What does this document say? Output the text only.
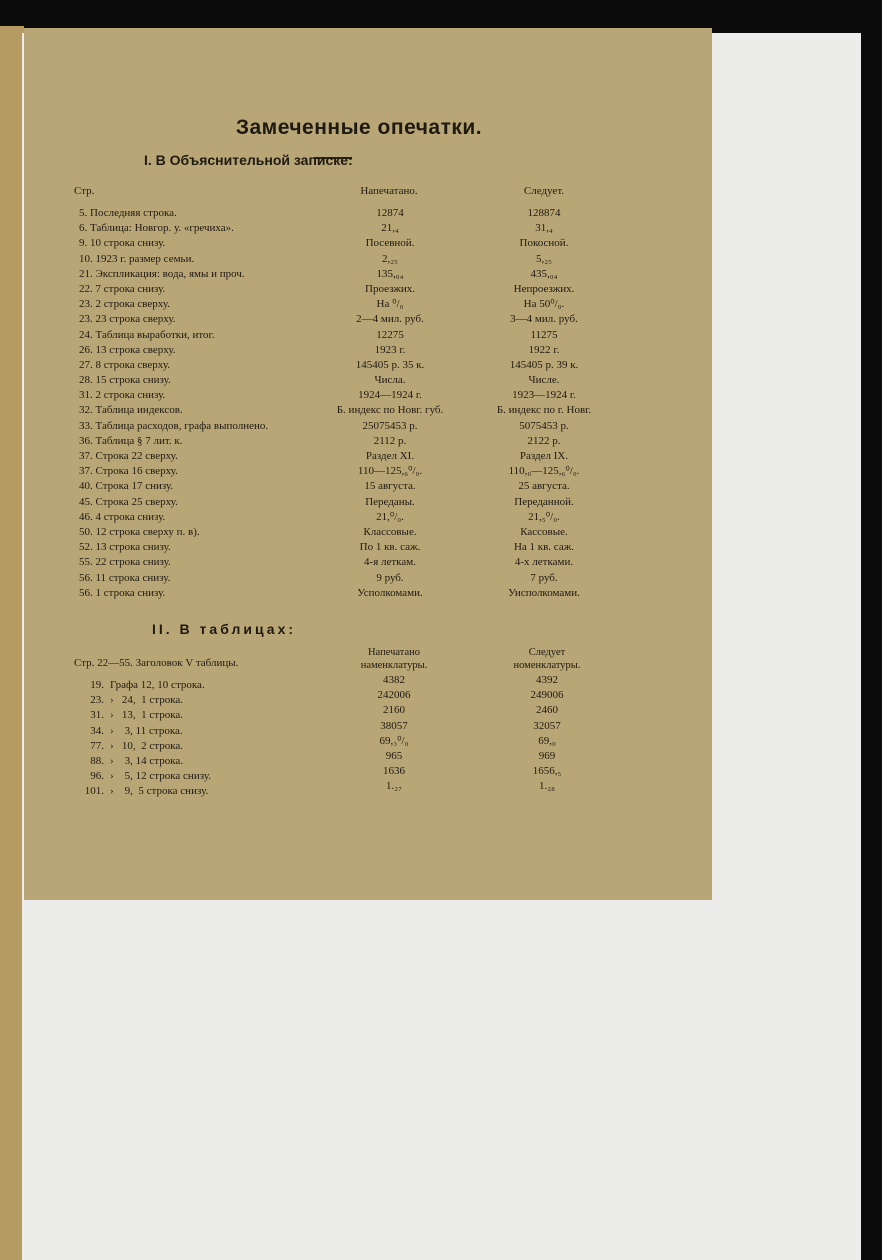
Замеченные опечатки.
I. В Объяснительной записке:
Стр.	Напечатано.	Следует.
5. Последняя строка.
6. Таблица: Новгор. у. «гречиха».
9. 10 строка снизу.
10. 1923 г. размер семьи.
21. Экспликация: вода, ямы и проч.
22. 7 строка снизу.
23. 2 строка сверху.
23. 23 строка сверху.
24. Таблица выработки, итог.
26. 13 строка сверху.
27. 8 строка сверху.
28. 15 строка снизу.
31. 2 строка снизу.
32. Таблица индексов.
33. Таблица расходов, графа выполнено.
36. Таблица § 7 лит. к.
37. Строка 22 сверху.
37. Строка 16 сверху.
40. Строка 17 снизу.
45. Строка 25 сверху.
46. 4 строка снизу.
50. 12 строка сверху п. в).
52. 13 строка снизу.
55. 22 строка снизу.
56. 11 строка снизу.
56. 1 строка снизу.
12874
21,₄
Посевной.
2,₂₅
135,₀₄
Проезжих.
На ⁰/₀
2—4 мил. руб.
12275
1923 г.
145405 р. 35 к.
Числа.
1924—1924 г.
Б. индекс по Новг. губ.
25075453 р.
2112 р.
Раздел XI.
110—125,₆⁰/₀.
15 августа.
Переданы.
21,⁰/₀.
Классовые.
По 1 кв. саж.
4-я леткам.
9 руб.
Усполкомами.
128874
31,₄
Покосной.
5,₂₅
435,₀₄
Непроезжих.
На 50⁰/₀.
3—4 мил. руб.
11275
1922 г.
145405 р. 39 к.
Числе.
1923—1924 г.
Б. индекс по г. Новг.
5075453 р.
2122 р.
Раздел IX.
110,₀—125,₆⁰/₀.
25 августа.
Переданной.
21,₅⁰/₀.
Кассовые.
На 1 кв. саж.
4-х летками.
7 руб.
Уисполкомами.
II. В таблицах:
Напечатано
наменклатуры.
Следует
номенклатуры.
Стр. 22—55. Заголовок V таблицы.
19.
23.
31.
34.
77.
88.
96.
101.
Графа 12, 10 строка.
›   24,  1 строка.
›   13,  1 строка.
›    3, 11 строка.
›   10,  2 строка.
›    3, 14 строка.
›    5, 12 строка снизу.
›    9,  5 строка снизу.
4382
242006
2160
38057
69,₃⁰/₀
965
1636
1.₂₇
4392
249006
2460
32057
69,₀
969
1656,₅
1.₂₈
